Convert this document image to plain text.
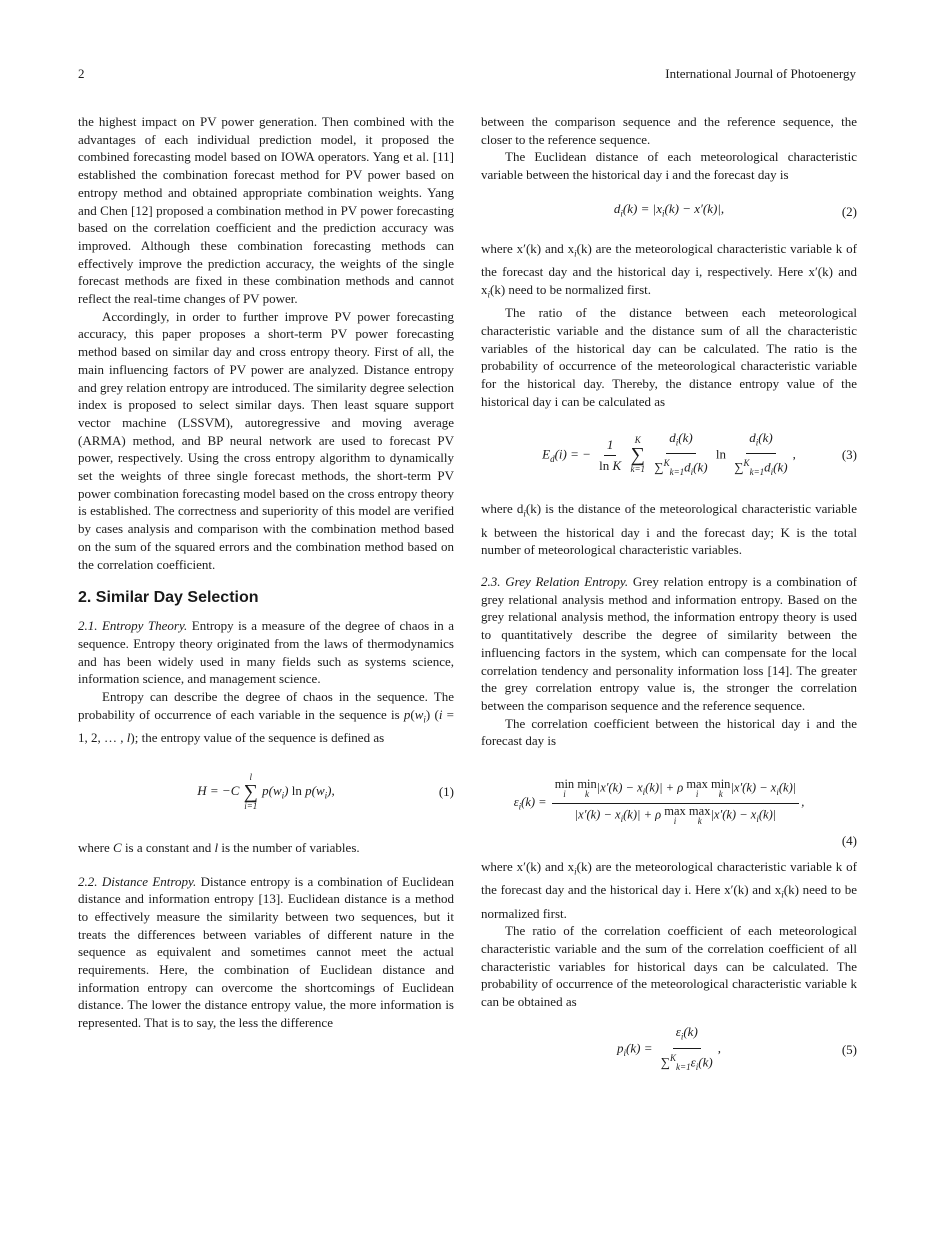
2	International Journal of Photoenergy

the highest impact on PV power generation. Then combined with the advantages of each individual prediction model, it proposed the combined forecasting model based on IOWA operators. Yang et al. [11] established the combination forecast method for PV power based on entropy method and obtained appropriate combination weights. Yang and Chen [12] proposed a combination method in PV power forecasting based on the correlation coefficient and the prediction accuracy was improved. Although these combination forecasting methods can effectively improve the prediction accuracy, the weights of the single forecast methods are fixed in these combination methods and cannot reflect the real-time changes of PV power.

Accordingly, in order to further improve PV power forecasting accuracy, this paper proposes a short-term PV power forecasting method based on similar day and cross entropy theory. First of all, the main influencing factors of PV power are analyzed. Distance entropy and grey relation entropy are introduced. The similarity degree selection index is proposed to select similar days. Then least square support vector machine (LSSVM), autoregressive and moving average (ARMA) method, and BP neural network are used to forecast PV power, respectively. Using the cross entropy algorithm to dynamically set the weights of three single forecast methods, the short-term PV power combination forecasting model based on the cross entropy theory is established. The correctness and superiority of this model are verified by cases analysis and comparison with the combination method based on the sum of the squared errors and the combination method based on the correlation coefficient.

2. Similar Day Selection

2.1. Entropy Theory. Entropy is a measure of the degree of chaos in a sequence. Entropy theory originated from the laws of thermodynamics and has been widely used in many fields such as systems science, information science, and management science.

Entropy can describe the degree of chaos in the sequence. The probability of occurrence of each variable in the sequence is $p(w_i) (i = 1$, 2, … , l); the entropy value of the sequence is defined as

H = −C
l
∑
i=1
$p(w_i)$ $\ln p(w_i)$,	(1)

where C is a constant and l is the number of variables.

2.2. Distance Entropy. Distance entropy is a combination of Euclidean distance and information entropy [13]. Euclidean distance is a method to effectively measure the similarity between two sequences, but it treats the differences between variables of different nature in the sequence as equivalent and sometimes cannot meet the actual requirements. Here, the combination of Euclidean distance and information entropy can overcome the shortcomings of Euclidean distance. The lower the distance entropy value, the more information is represented. That is to say, the less the difference

between the comparison sequence and the reference sequence, the closer to the reference sequence.

The Euclidean distance of each meteorological characteristic variable between the historical day i and the forecast day is

$d_i(k) = |x_i(k) - x'(k)|$,	(2)

where x′(k) and $x_i(k)$ are the meteorological characteristic variable k of the forecast day and the historical day i, respectively. Here x′(k) and $x_i(k)$ need to be normalized first.

The ratio of the distance between each meteorological characteristic variable and the distance sum of all the characteristic variables of the historical day can be calculated. The ratio is the probability of occurrence of the meteorological characteristic variable for the historical day. Thereby, the distance entropy value of the historical day i can be calculated as

$E_d(i)$ = − $\frac{1}{\text{ln K}}$
K
∑
k=1
$\frac{d_i(k)}{\sum^K_{k=1}d_i(k)}$ $\ln \frac{d_i(k)}{\sum^K_{k=1}d_i(k)}$ ,	(3)

where $d_i(k)$ is the distance of the meteorological characteristic variable k between the historical day i and the forecast day; K is the total number of meteorological characteristic variables.

2.3. Grey Relation Entropy. Grey relation entropy is a combination of grey relational analysis method and information entropy. Based on the grey relational analysis method, the information entropy theory is used to quantitatively describe the degree of similarity between the influencing factors in the system, which can compensate for the local correlation tendency and personality information loss [14]. The greater the grey correlation entropy value is, the stronger the correlation between the comparison sequence and the reference sequence.

The correlation coefficient between the historical day i and the forecast day is

$\varepsilon_i(k)$ =
min
i

min
k $|x'(k) - x_i(k)| + \rho$ max
i

min
k $|x'(k) - x_i(k)|$
$|x'(k) - x_i(k)| + \rho$ max
i

max
k $|x'(k) - x_i(k)|$
,
(4)

where x′(k) and $x_i(k)$ are the meteorological characteristic variable k of the forecast day and the historical day i. Here x′(k) and $x_i(k)$ need to be normalized first.

The ratio of the correlation coefficient of each meteorological characteristic variable and the sum of the correlation coefficient of all characteristic variables for historical days can be calculated. The probability of occurrence of the meteorological characteristic variable k can be obtained as

$p_i(k) = \frac{\varepsilon_i(k)}{\sum^K_{k=1}\varepsilon_i(k)}$ ,	(5)
